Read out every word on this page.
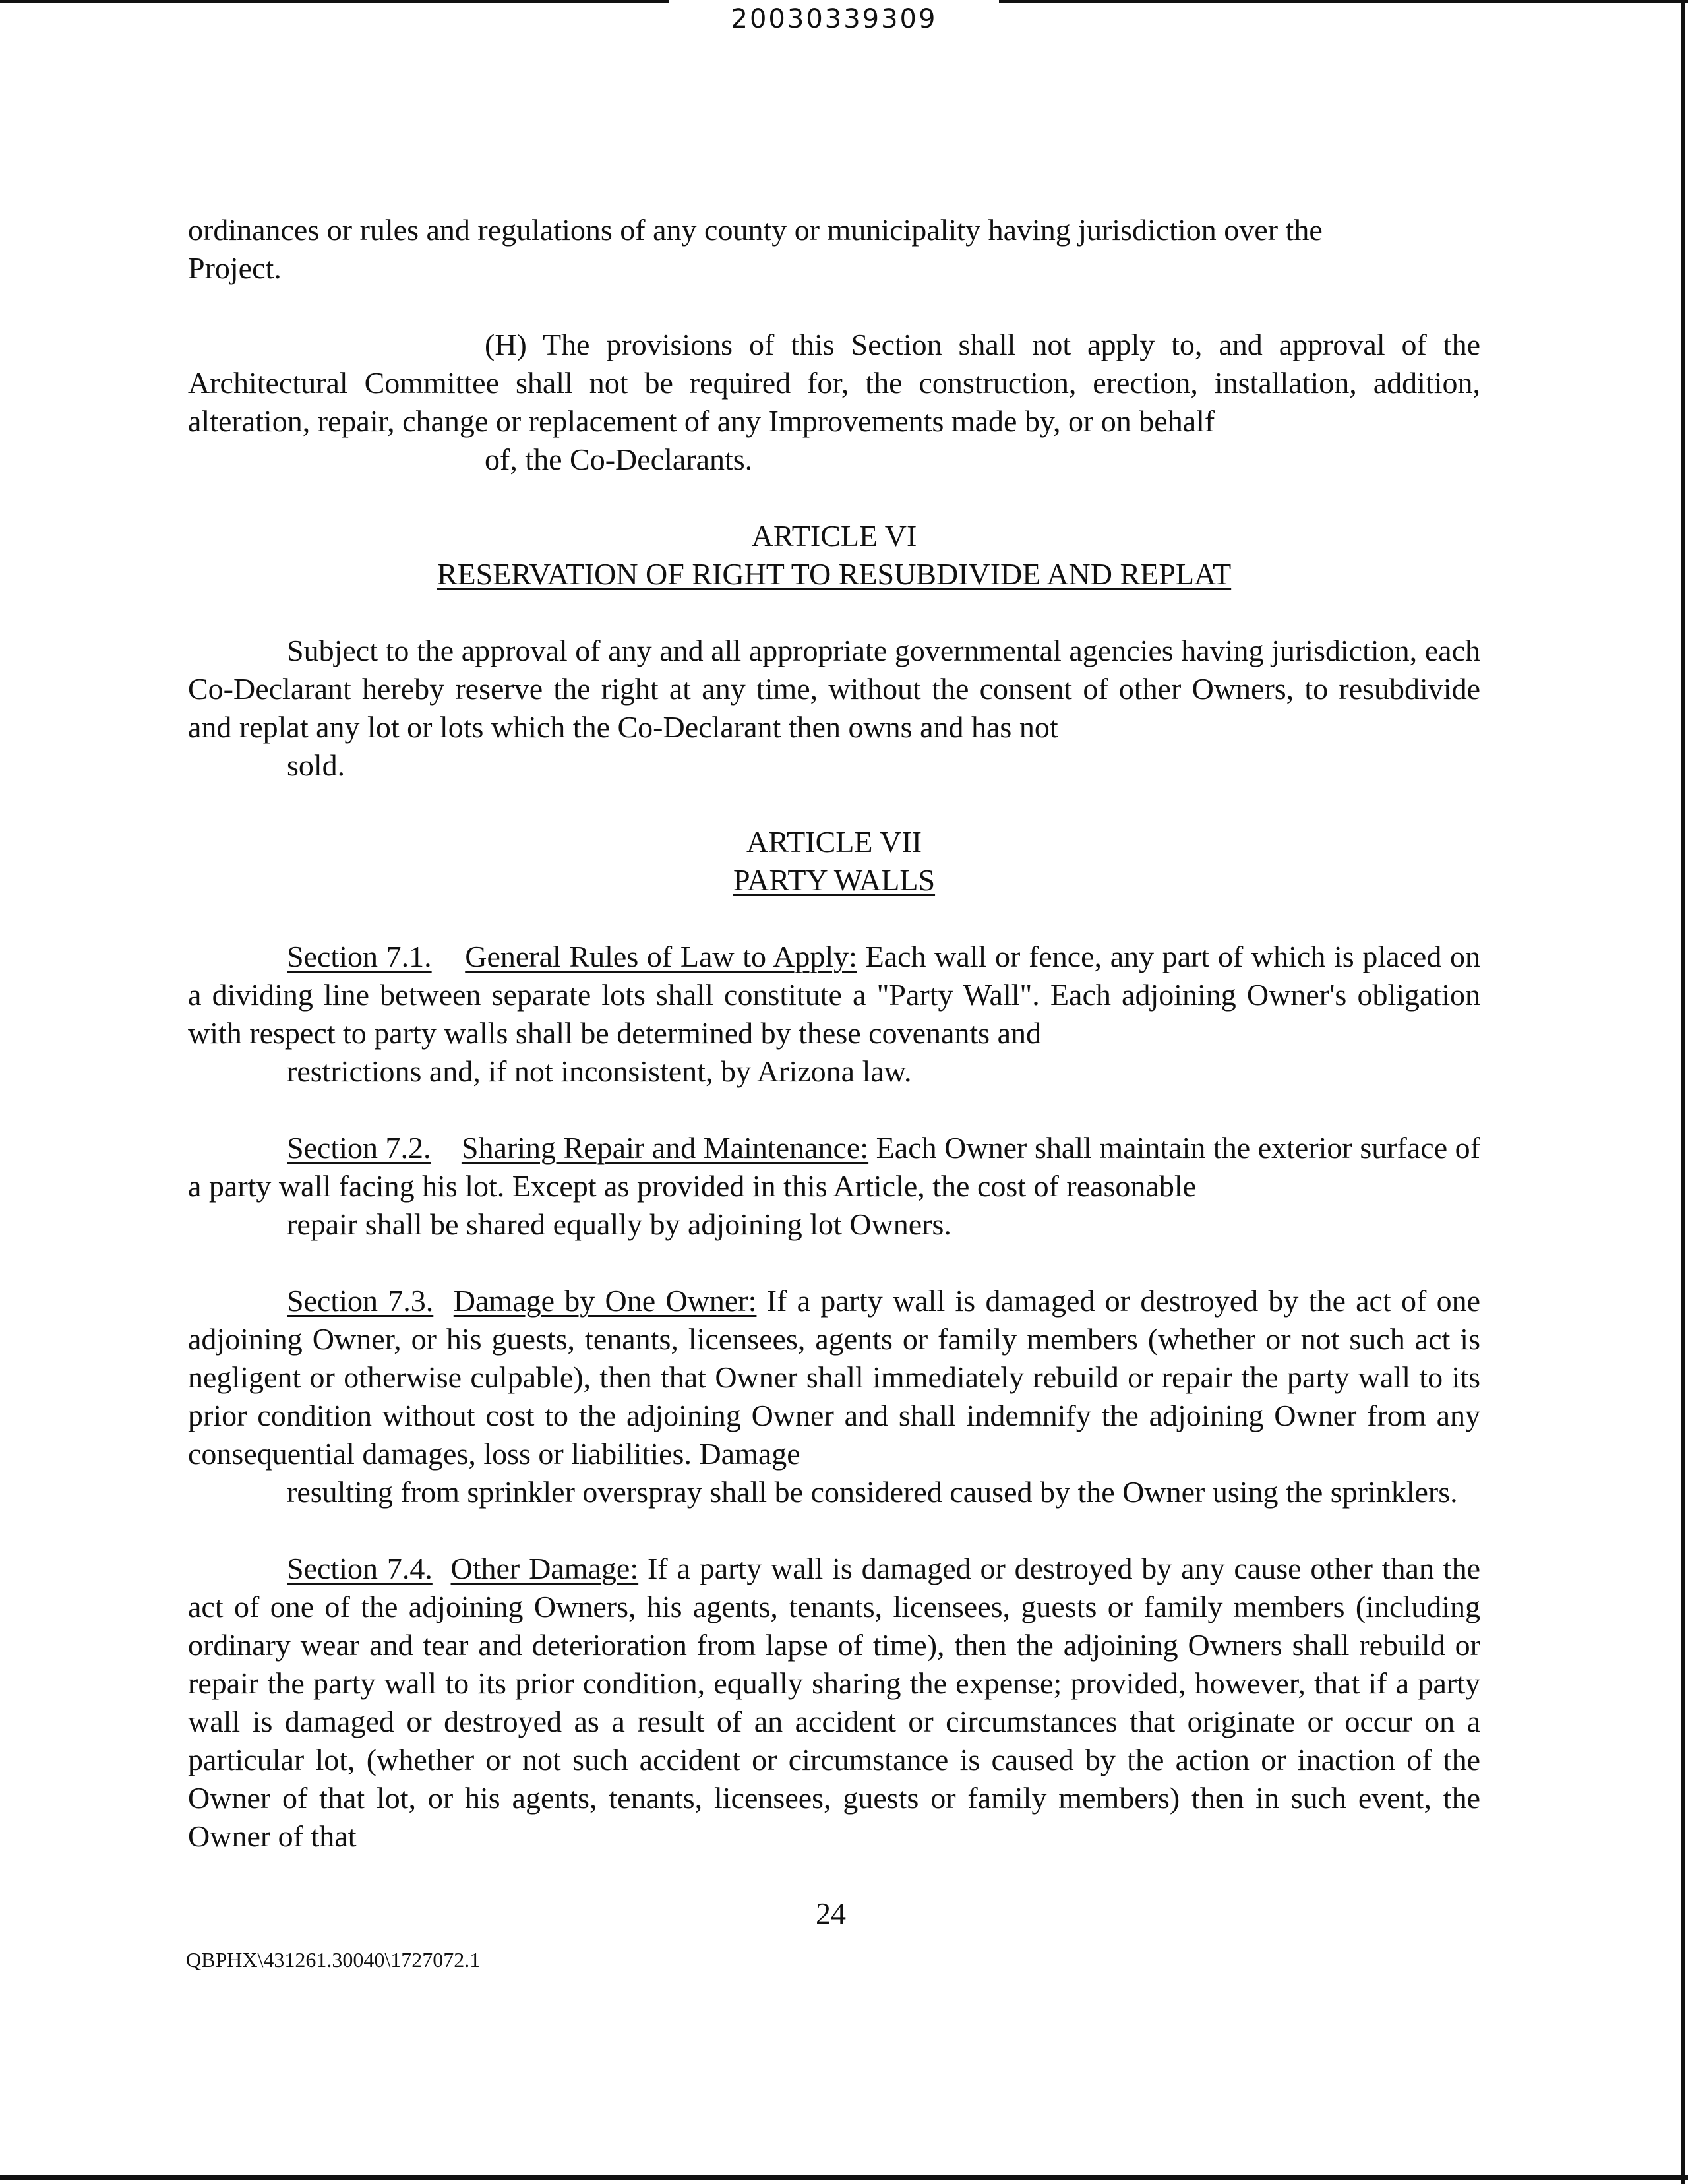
20030339309

ordinances or rules and regulations of any county or municipality having jurisdiction over the
Project.

(H) The provisions of this Section shall not apply to, and approval of the Architectural Committee shall not be required for, the construction, erection, installation, addition, alteration, repair, change or replacement of any Improvements made by, or on behalf
of, the Co-Declarants.

ARTICLE VI
RESERVATION OF RIGHT TO RESUBDIVIDE AND REPLAT

Subject to the approval of any and all appropriate governmental agencies having jurisdiction, each Co-Declarant hereby reserve the right at any time, without the consent of other Owners, to resubdivide and replat any lot or lots which the Co-Declarant then owns and has not
sold.

ARTICLE VII
PARTY WALLS

Section 7.1. General Rules of Law to Apply: Each wall or fence, any part of which is placed on a dividing line between separate lots shall constitute a "Party Wall". Each adjoining Owner's obligation with respect to party walls shall be determined by these covenants and
restrictions and, if not inconsistent, by Arizona law.

Section 7.2. Sharing Repair and Maintenance: Each Owner shall maintain the exterior surface of a party wall facing his lot. Except as provided in this Article, the cost of reasonable
repair shall be shared equally by adjoining lot Owners.

Section 7.3. Damage by One Owner: If a party wall is damaged or destroyed by the act of one adjoining Owner, or his guests, tenants, licensees, agents or family members (whether or not such act is negligent or otherwise culpable), then that Owner shall immediately rebuild or repair the party wall to its prior condition without cost to the adjoining Owner and shall indemnify the adjoining Owner from any consequential damages, loss or liabilities. Damage
resulting from sprinkler overspray shall be considered caused by the Owner using the sprinklers.

Section 7.4. Other Damage: If a party wall is damaged or destroyed by any cause other than the act of one of the adjoining Owners, his agents, tenants, licensees, guests or family members (including ordinary wear and tear and deterioration from lapse of time), then the adjoining Owners shall rebuild or repair the party wall to its prior condition, equally sharing the expense; provided, however, that if a party wall is damaged or destroyed as a result of an accident or circumstances that originate or occur on a particular lot, (whether or not such accident or circumstance is caused by the action or inaction of the Owner of that lot, or his agents, tenants, licensees, guests or family members) then in such event, the Owner of that

24
QBPHX\431261.30040\1727072.1
